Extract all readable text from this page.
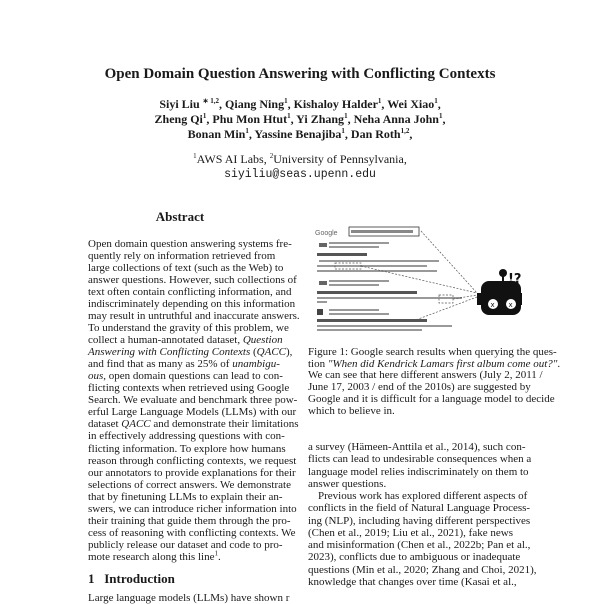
Open Domain Question Answering with Conflicting Contexts
Siyi Liu $^{∗ 1,2}$, Qiang Ning$^1$, Kishaloy Halder$^1$, Wei Xiao$^1$,
Zheng Qi$^1$, Phu Mon Htut$^1$, Yi Zhang$^1$, Neha Anna John$^1$,
Bonan Min$^1$, Yassine Benajiba$^1$, Dan Roth$^{1,2}$,
$^1$AWS AI Labs, $^2$University of Pennsylvania,
siyiliu@seas.upenn.edu
Abstract
Open domain question answering systems fre-
quently rely on information retrieved from
large collections of text (such as the Web) to
answer questions. However, such collections of
text often contain conflicting information, and
indiscriminately depending on this information
may result in untruthful and inaccurate answers.
To understand the gravity of this problem, we
collect a human-annotated dataset, Question
Answering with Conflicting Contexts (QACC),
and find that as many as 25% of unambigu-
ous, open domain questions can lead to con-
flicting contexts when retrieved using Google
Search. We evaluate and benchmark three pow-
erful Large Language Models (LLMs) with our
dataset QACC and demonstrate their limitations
in effectively addressing questions with con-
flicting information. To explore how humans
reason through conflicting contexts, we request
our annotators to provide explanations for their
selections of correct answers. We demonstrate
that by finetuning LLMs to explain their an-
swers, we can introduce richer information into
their training that guide them through the pro-
cess of reasoning with conflicting contexts. We
publicly release our dataset and code to pro-
mote research along this line$^1$.
1 Introduction
Large language models (LLMs) have shown r
Google
x x
!?
Figure 1: Google search results when querying the ques-
tion "When did Kendrick Lamars first album come out?".
We can see that here different answers (July 2, 2011 /
June 17, 2003 / end of the 2010s) are suggested by
Google and it is difficult for a language model to decide
which to believe in.
a survey (Hämeen-Anttila et al., 2014), such con-
flicts can lead to undesirable consequences when a
language model relies indiscriminately on them to
answer questions.
Previous work has explored different aspects of
conflicts in the field of Natural Language Process-
ing (NLP), including having different perspectives
(Chen et al., 2019; Liu et al., 2021), fake news
and misinformation (Chen et al., 2022b; Pan et al.,
2023), conflicts due to ambiguous or inadequate
questions (Min et al., 2020; Zhang and Choi, 2021),
knowledge that changes over time (Kasai et al.,
